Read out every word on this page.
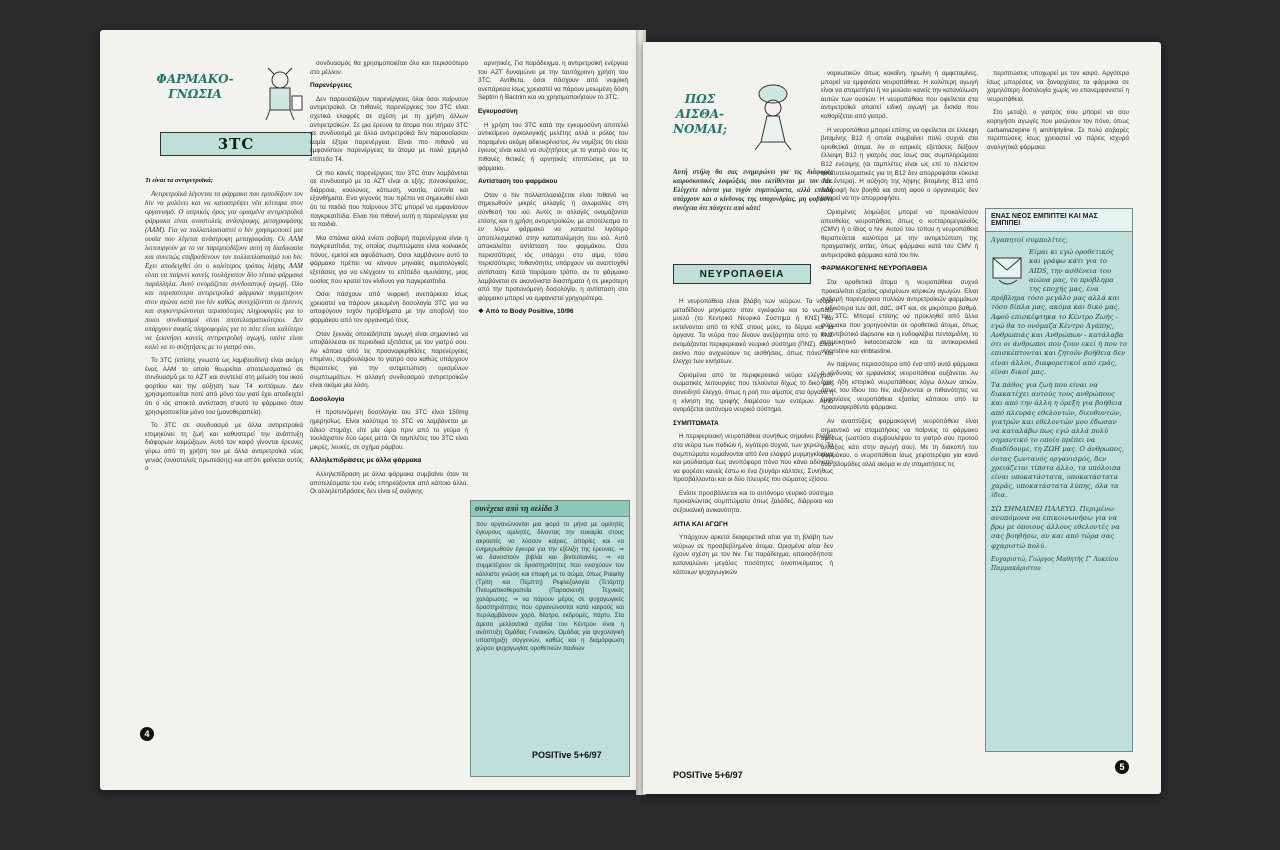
ΦΑΡΜΑΚΟ-
ΓΝΩΣΙΑ
3TC

Τι είναι τα αντιρετροϊκά;

Αντιρετροϊκά λέγονται τα φάρμακα που εμποδίζουν τον hiv να μολύνει και να καταστρέψει νέα κύτταρα στον οργανισμό. Ο ιατρικός όρος για ορισμένα αντιρετροϊκά φάρμακα είναι αναστολείς ανάστροφης μεταγραφάσης (ΑΑΜ). Για να πολλαπλασιαστεί ο hiv χρησιμοποιεί μια ουσία που λέγεται ανάστροφη μεταγραφάση. Οι ΑΑΜ λειτουργούν με το να παρεμποδίζουν αυτή τη διαδικασία και συνεπώς επιβραδύνουν τον πολλαπλασιασμό του hiv. Εχει αποδειχθεί ότι ο καλύτερος τρόπος λήψης ΑΑΜ είναι να παίρνει κανείς τουλάχιστον δύο τέτοια φάρμακα παράλληλα. Αυτό ονομάζεται συνδυαστική αγωγή. Ολο και περισσότερα αντιρετροϊκά φάρμακα συμμετέχουν στον αγώνα κατά του hiv καθώς συνεχίζονται οι έρευνες και συγκεντρώνονται περισσότερες πληροφορίες για το ποιοι συνδυασμοί είναι αποτελεσματικότεροι. Δεν υπάρχουν σαφείς πληροφορίες για το πότε είναι καλύτερο να ξεκινήσει κανείς αντιρετροϊκή αγωγή, οπότε είναι καλό να το συζητήσεις με το γιατρό σου.

Το 3TC (επίσης γνωστό ως λαμιβουδίνη) είναι ακόμη ένας ΑΑΜ το οποίο θεωρείται αποτελεσματικό σε συνδυασμό με το AZT και συντελεί στη μείωση του ιικού φορτίου και την αύξηση των T4 κυττάρων. Δεν χρησιμοποιείται ποτέ από μόνο του γιατί έχει αποδειχτεί ότι ο ιός αποκτά αντίσταση σ'αυτό το φάρμακο όταν χρησιμοποιείται μόνο του (μονοθεραπεία).

Το 3TC σε συνδυασμό με άλλα αντιρετροϊκά επιμηκύνει τη ζωή και καθυστερεί την ανάπτυξη διάφορων λοιμώξεων. Αυτό τον καιρό γίνονται έρευνες γύρω από τη χρήση του με άλλα αντιρετροϊκά νέας γενιάς (αναστολείς πρωτεάσης) και απ'ότι φαίνεται αυτός ο

συνδυασμός θα χρησιμοποιείται όλο και περισσότερο στο μέλλον.

Παρενέργειες

Δεν παρουσιάζουν παρενέργειες όλοι όσοι παίρνουν αντιρετροϊκά. Οι πιθανές παρενέργειες του 3TC είναι σχετικά ελαφρές σε σχέση με τη χρήση άλλων αντιρετροϊκών. Σε μια έρευνα τα άτομα που πήραν 3TC σε συνδυασμό με άλλα αντιρετροϊκά δεν παρουσίασαν καμία έξτρα παρενέργεια. Είναι πιο πιθανό να εμφανίσουν παρενέργειες τα άτομα με πολύ χαμηλό επίπεδο T4.

Οι πιο κοινές παρενέργειες του 3TC όταν λαμβάνεται σε συνδυασμό με το AZT είναι οι εξής: πονοκέφαλος, διάρροια, κούλονος, κόπωση, ναυτία, αϋπνία και εξανθήματα. Ενα γεγονός που πρέπει να σημειωθεί είναι ότι τα παιδιά που παίρνουν 3TC μπορεί να εμφανίσουν παγκρεατίτιδα. Είναι πιο πιθανή αυτή η παρενέργεια για τα παιδιά.

Μια σπάνια αλλά ενίοτε σοβαρή παρενέργεια είναι η παγκρεατίτιδα, της οποίας συμπτώματα είναι κοιλιακός πόνος, εμετοί και αφυδάτωση. Οσοι λαμβάνουν αυτό το φάρμακο πρέπει να κάνουν μηνιαίες αιματολογικές εξετάσεις για να ελέγχουν το επίπεδο αμυλάσης, μιας ουσίας που κρατεί τον κίνδυνο για παγκρεατίτιδα.

Οσοι πάσχουν από νεφρική ανεπάρκεια ίσως χρειαστεί να πάρουν μειωμένη δοσολογία 3TC για να αποφύγουν τυχόν προβλήματα με την αποβολή του φαρμάκου από τον οργανισμό τους.

Οταν ξεκινάς οποιαδήποτε αγωγή είναι σημαντικό να υποβάλλεσαι σε περιοδικά εξετάσεις με τον γιατρό σου. Αν κάποια από τις προαναφερθείσες παρενέργειες επιμένει, συμβουλέψου το γιατρό σου καθώς υπάρχουν θεραπείες για την αντιμετώπιση ορισμένων συμπτωμάτων. Η αλλαγή συνδυασμού αντιρετροϊκών είναι ακόμα μία λύση.

Δοσολογία

Η προτεινόμενη δοσολογία του 3TC είναι 150mg ημερησίως. Είναι καλύτερο το 3TC να λαμβάνεται με άδειο στομάχι, είτε μία ώρα πριν από το γεύμα ή τουλάχιστον δύο ώρες μετά. Οι ταμπλέτες του 3TC είναι μικρές, λευκές, σε σχήμα ρόμβου.

Αλληλεπιδράσεις με άλλα φάρμακα

Αλληλεπίδραση με άλλα φάρμακα συμβαίνει όταν τα αποτελέσματα του ενός επηρεάζονται από κάποιο άλλο. Οι αλληλεπιδράσεις δεν είναι εξ ανάγκης

αρνητικές. Για παράδειγμα, η αντιρετροϊκή ενέργεια του AZT δυναμώνει με την ταυτόχρονη χρήση του 3TC. Αντίθετα, όσοι πάσχουν από νεφρική ανεπάρκεια ίσως χρειαστεί να πάρουν μειωμένη δόση Septrin ή Bactrim και να χρησιμοποιήσουν το 3TC.

Εγκυμοσύνη

Η χρήση του 3TC κατά την εγκυμοσύνη αποτελεί αντικείμενο ογκολογικής μελέτης αλλά ο ρόλος του παραμένει ακόμη αδιευκρίνιστος. Αν νομίζεις ότι είσαι έγκυος είναι καλό να συζητήσεις με το γιατρό σου τις πιθανές θετικές ή αρνητικές επιπτώσεις με το φάρμακο.

Αντίσταση του φαρμάκου

Οταν ο hiv πολλαπλασιάζεται είναι πιθανό να σημειωθούν μικρές αλλαγές ή ανωμαλίες στη σύνθεσή του ιού. Αυτές οι αλλαγές ονομάζονται επίσης και η χρήση αντιρετροϊκών, με αποτέλεσμα το εν λόγω φάρμακο να καταστεί λιγότερο αποτελεσματικό στην καταπολέμηση του ιού. Αυτό αποκαλείται αντίσταση του φαρμάκου. Οσο περισσότερες ιός υπάρχει στο αίμα, τόσο περισσότερες πιθανότητες υπάρχουν να αναπτυχθεί αντίσταση. Κατά παρόμοιο τρόπο, αν το φάρμακο λαμβάνεται σε ακανόνιστα διαστήματα ή σε μικρότερη από την προτεινόμενη δοσολογία, η αντίσταση στο φάρμακο μπορεί να εμφανιστεί γρηγορότερα.

❖ Από το Body Positive, 10/96

συνέχεια από τη σελίδα 3
που οργανώνονται μια φορά το μήνα με ομιλητές έγκυρους ομιλητές, δίνοντας την ευκαιρία στους ακροατές να λύσουν καίριες απορίες και να ενημερωθούν έγκυρα για την εξέλιξη της έρευνας. ⇒ να δανειστούν βιβλία και βιντεοταινίες. ⇒ να συμμετέχουν σε δραστηριότητες που ενισχύουν τον κάλλιστο γνώση και επαφή με το σώμα, όπως Polarity (Τρίτη και Πέμπτη) Ρεφλεξολογία (Τετάρτη) Πνευματικοθεραπεία (Παρασκευή) Τεχνικές χαλάρωσης. ⇒ να πάρουν μέρος σε ψυχαγωγικές δραστηριότητες που οργανώνονται κατά καιρούς και περιλαμβάνουν χορό, θέατρο, εκδρομές, πάρτυ. Στα άμεσα μελλοντικά σχέδια του Κέντρου είναι η ανάπτυξη Ομάδας Γυναικών, Ομάδας για ψυχολογική υποστήριξη συγγενών, καθώς και η διαμόρφωση χώρου ψυχαγωγίας οροθετικών παιδιών
4
POSITive 5+6/97
ΠΩΣ
ΑΙΣΘΑ-
ΝΟΜΑΙ;
Αυτή στήλη θα σας ενημερώνει για τις διάφορες καιροσκοπικές λοιμώξεις που εκτίθενται με τον hiv. Ελέγχετε πάντα για τυχόν συμπτώματα, αλλά επειδή υπάρχουν και ο κίνδυνος της υποχονδρίας, μη φοβάστε συνέχεια ότι πάσχετε από κάτι!
ΝΕΥΡΟΠΑΘΕΙΑ

Η νευροπάθεια είναι βλάβη των νεύρων. Τα νεύρα μεταδίδουν μηνύματα στον εγκέφαλο και το νωτιαίο μυελό (το Κεντρικό Νευρικό Σύστημα ή ΚΝΣ) και εκτείνονται από το ΚΝΣ στους μύες, το δέρμα και τα όργανα. Τα νεύρα που δίνουν ανεξάρτητα από το ΚΝΣ ονομάζονται περιφερειακό νευρικό σύστημα (ΠΝΣ). Είναι εκείνο που ανιχνεύουν τις αισθήσεις, όπως πόνο και έλεγχο των κινήσεων.

Ορισμένα από τα περιφερειακά νεύρα ελέγχουν σωματικές λειτουργίες που τελούνται δίχως το δικό μας συνειδητό έλεγχο, όπως η ροή του αίματος στα όργανα ή η κίνηση της τροφής διαμέσου των εντέρων. Αυτό ονομάζεται αυτόνομο νευρικό σύστημα.

ΣΥΜΠΤΩΜΑΤΑ

Η περιφερειακή νευροπάθεια συνήθως σημαίνει βλάβη στα νεύρα των ποδιών ή, λιγότερο συχνά, των χεριών. Τα συμπτώματα κυμαίνονται από ένα ελαφρύ μυρμηγκίασμα και μούδιασμα έως ανυπόφορο πόνο που κάνει αδύνατο να φορέσει κανείς έστω κι ένα ζευγάρι κάλτσες. Συνήθως προσβάλλονται και οι δύο πλευρές του σώματος εξίσου.

Ενίοτε προσβάλλεται και το αυτόνομο νευρικό σύστημα προκαλώντας συμπτώματα όπως ζαλάδες, διάρροια και σεξουαλική ανικανότητα.

ΑΙΤΙΑ ΚΑΙ ΑΓΩΓΗ

Υπάρχουν αρκετά διαφορετικά αίτια για τη βλάβη των νεύρων σε προσβεβλημένα άτομα. Ορισμένα αίτια δεν έχουν σχέση με τον hiv. Για παράδειγμα, οποιοσδήποτε καταναλώνει μεγάλες ποσότητες οινοπνεύματος ή κάποιων ψυχαγωγικών

ναρκωτικών όπως κοκαΐνη, ηρωίνη ή αμφεταμίνες, μπορεί να εμφανίσει νευροπάθεια. Η καλύτερη αγωγή είναι να σταματήσει ή να μειώσει κανείς την κατανάλωση αυτών των ουσιών. Η νευροπάθεια που οφείλεται στα αντιρετροϊκά απαιτεί ειδική αγωγή με δισκία που καθορίζεται από γιατρό.

Η νευροπάθεια μπορεί επίσης να οφείλεται σε έλλειψη βιταμίνης B12 ή οποία συμβαίνει πολύ συχνά στα οροθετικά άτομα. Αν οι ιατρικές εξετάσεις δείξουν έλλειψη B12 η γιατρός σας ίσως σας συμπληρώματα B12 ενέσιμης (οι ταμπλέτες είναι ως επί το πλείστον αναποτελεσματικές για τη B12 δεν απορροφάται εύκολα στα έντερα). Η αύξηση της λήψης βιταμίνης B12 από διατροφή δεν βοηθά και αυτή αφού ο οργανισμός δεν μπορεί να την απορροφήσει.

Ορισμένες λοιμώξεις μπορεί να προκαλέσουν απευθείας νευροπάθεια, όπως ο κυτταρομεγαλοϊός (CMV) ή ο ίδιος ο hiv. Αυτού του τύπου η νευροπάθεια θεραπεύεται καλύτερα με την αντιμετώπιση της πραγματικής αιτίας, όπως φάρμακα κατά του CMV ή αντιρετροϊκά φάρμακα κατά του hiv.

ΦΑΡΜΑΚΟΓΕΝΗΣ ΝΕΥΡΟΠΑΘΕΙΑ

Στα οροθετικά άτομα η νευροπάθεια συχνά προκαλείται εξαιτίας ορισμένων ιατρικών αγωγών. Είναι σοβαρή παρενέργεια πολλών αντιρετροϊκών φαρμάκων - ειδικότερα των ddI, ddC, d4T και, σε μικρότερο βαθμό, του 3TC. Μπορεί επίσης να προκληθεί από άλλα φάρμακα που χορηγούνται σε οροθετικά άτομα, όπως το αντιβιοτικό dapsone και η ενδοφλέβια πενταμιδίνη, το αντιμυκητικό ketoconazole και τα αντικαρκινικά vincristine και vinblastine.

Αν παίρνεις περισσότερα από ένα από αυτά φάρμακα ο κίνδυνος να εμφανίσεις νευροπάθεια αυξάνεται. Αν έχεις ήδη ιστορικό νευροπάθειας λόγω άλλων αιτιών, όπως του ίδιου του hiv, αυξάνονται οι πιθανότητες να εμφανίσεις νευροπάθεια εξαιτίας κάποιου από τα προαναφερθέντα φάρμακα.

Αν αναπτύξεις φαρμακογενή νευροπάθεια είναι σημαντικό να σταματήσεις να παίρνεις το φάρμακο αμέσως (ωστόσο συμβουλέψου το γιατρό σου προτού αλλάξεις κάτι στην αγωγή σου). Με τη διακοπή του φαρμάκου, ο νευροπάθεια ίσως χειροτερέψει για κανά δυο βδομάδες αλλά ακόμα κι αν σταματήσεις τις

περιπτώσεις υποχωρεί με τον καιρό. Αργότερα ίσως μπορέσεις να ξαναρχίσεις τα φάρμακα σε χαμηλότερη δοσολογία χωρίς να επανεμφανιστεί η νευροπάθεια.

Στο μεταξύ, ο γιατρός σου μπορεί να σου κορηγήσει αγωγές που μειώνουν τον πόνο, όπως carbamazepine ή amitriptyline. Σε πολύ σοβαρές περιπτώσεις ίσως χρειαστεί να πάρεις ισχυρά αναλγητικά φάρμακα.

ΕΝΑΣ ΝΕΟΣ ΕΜΠΙΠΤΕΙ ΚΑΙ ΜΑΣ ΕΜΠΙΠΕΙ
Αγαπητοί συμπολίτες,
Είμαι κι εγώ οροθετικός και γράφω κάτι για το AIDS, την ασθένεια του αιώνα μας, το πρόβλημα της εποχής μας, ένα πρόβλημα τόσο μεγάλο μας αλλά και τόσο δίπλα μας, ακόμα και δικό μας. Αφού επισκέφτηκα το Κέντρο Ζωής - εγώ θα το ονόμαζα Κέντρο Αγάπης, Ανθρωπιάς και Ανθρώπων - κατάλαβα ότι οι άνθρωποι που ζουν εκεί ή που το επισκέπτονται και ζητούν βοήθεια δεν είναι άλλοι, διαφορετικοί από εμάς, είναι δικοί μας.
Τα πάθος για ζωή που είναι να διακατέχει αυτούς τους ανθρώπους και από την άλλη η όρεξη για βοήθεια από πλευράς εθελοντών, διευθυντών, γιατρών και εθελοντών μου έδωσαν να καταλάβω πως εγώ αλλά πολύ σημαντικό το οποίο πρέπει να διαδίδουμε, τη ΖΩΗ μας. Ο άνθρωπος, όντας ζωντανός οργανισμός, δεν χρειάζεται τίποτα άλλο, τα υπόλοιπα είναι υποκατάστατα, υποκατάστατα χαράς, υποκατάστατα λύπης, όλα τα ίδια.
ΣΩ ΣΗΜΑΙΝΕΙ ΠΑΛΕΥΩ. Περιμένω ανυπόμονα να επικοινωνήσω για να βρω με όποιους άλλους εθελοντές να σας βοηθήσω, αν και από τώρα σας φχαριστώ πολύ.
Ευχαριστώ, Γιώργος Μαθητής Γ' Λυκείου Παμμακάριστου
POSITive 5+6/97
5
